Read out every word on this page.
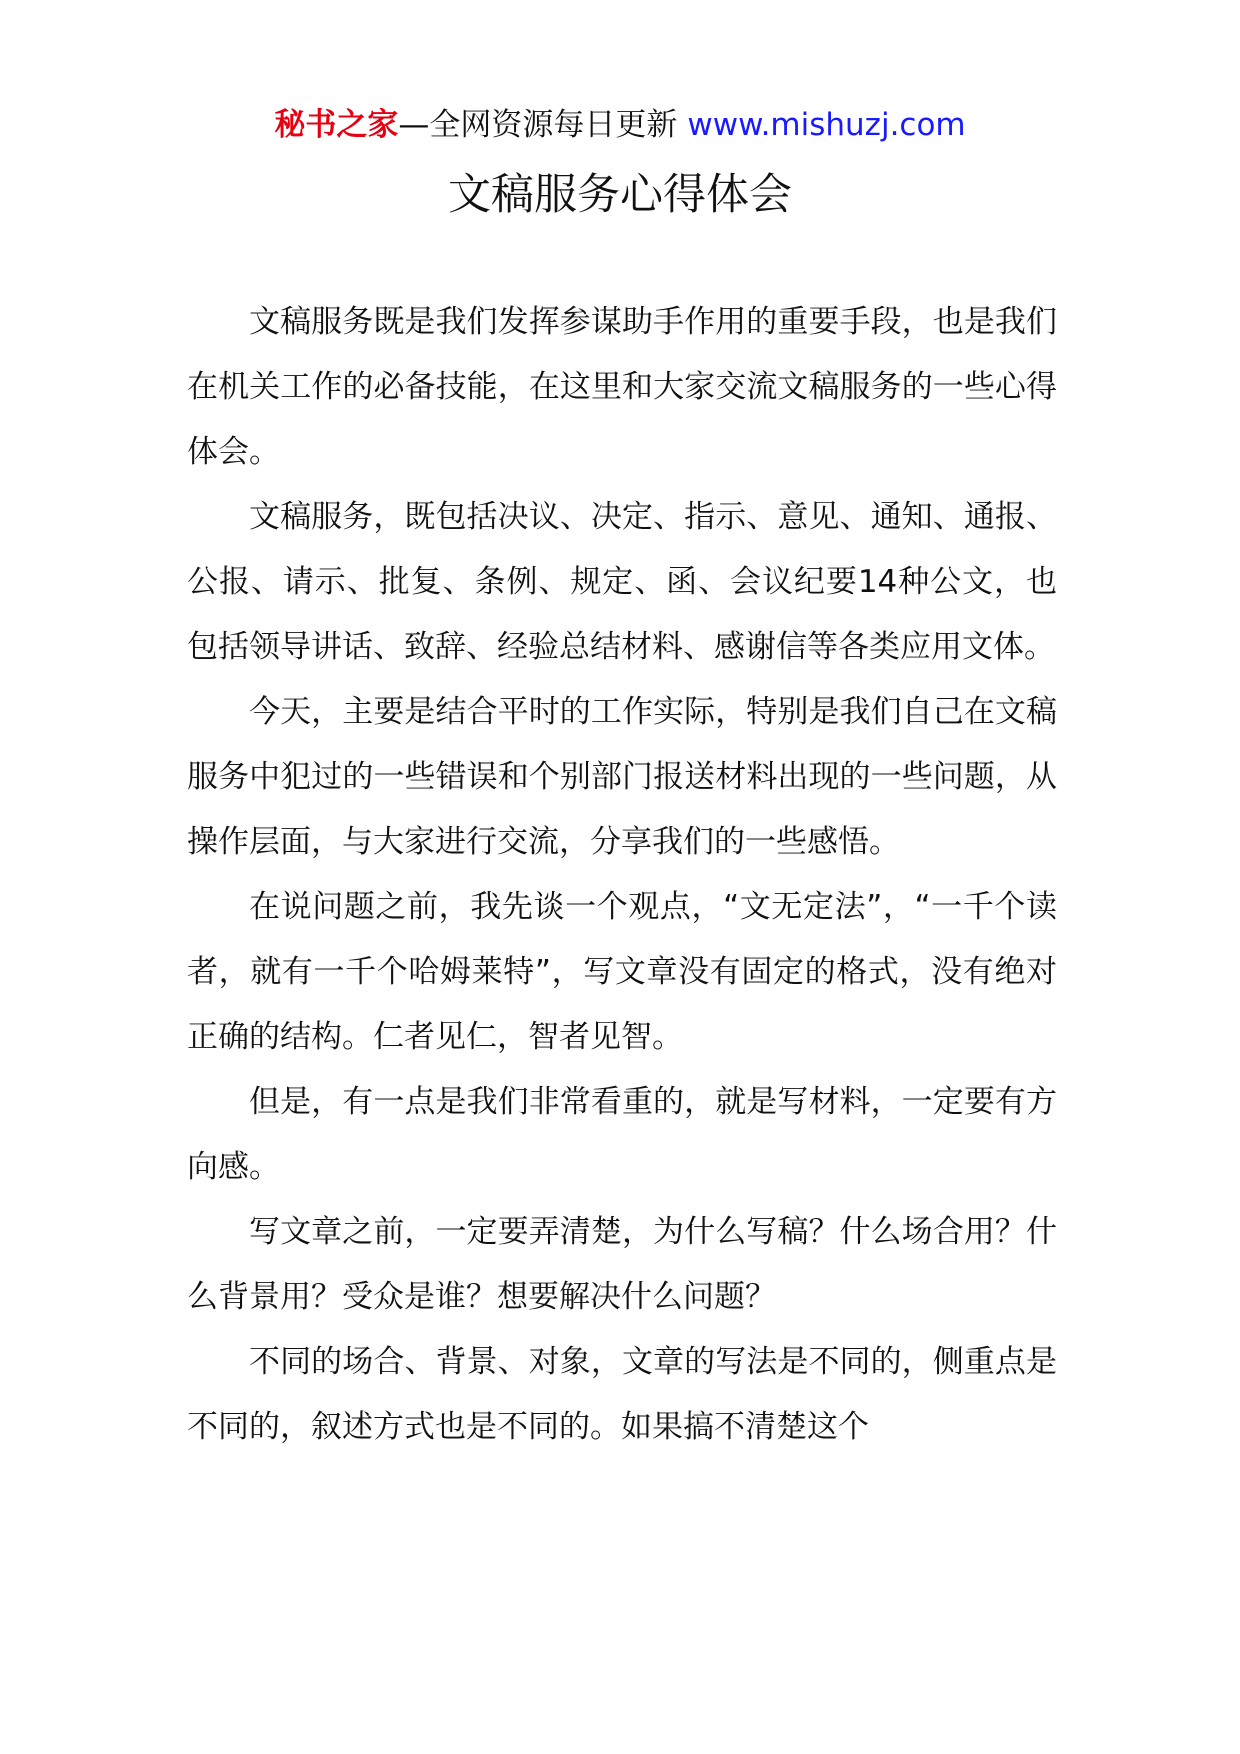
秘书之家—全网资源每日更新 www.mishuzj.com
文稿服务心得体会

文稿服务既是我们发挥参谋助手作用的重要手段，也是我们在机关工作的必备技能，在这里和大家交流文稿服务的一些心得体会。

文稿服务，既包括决议、决定、指示、意见、通知、通报、公报、请示、批复、条例、规定、函、会议纪要14种公文，也包括领导讲话、致辞、经验总结材料、感谢信等各类应用文体。

今天，主要是结合平时的工作实际，特别是我们自己在文稿服务中犯过的一些错误和个别部门报送材料出现的一些问题，从操作层面，与大家进行交流，分享我们的一些感悟。

在说问题之前，我先谈一个观点，“文无定法”，“一千个读者，就有一千个哈姆莱特”，写文章没有固定的格式，没有绝对正确的结构。仁者见仁，智者见智。

但是，有一点是我们非常看重的，就是写材料，一定要有方向感。

写文章之前，一定要弄清楚，为什么写稿？什么场合用？什么背景用？受众是谁？想要解决什么问题？

不同的场合、背景、对象，文章的写法是不同的，侧重点是不同的，叙述方式也是不同的。如果搞不清楚这个
